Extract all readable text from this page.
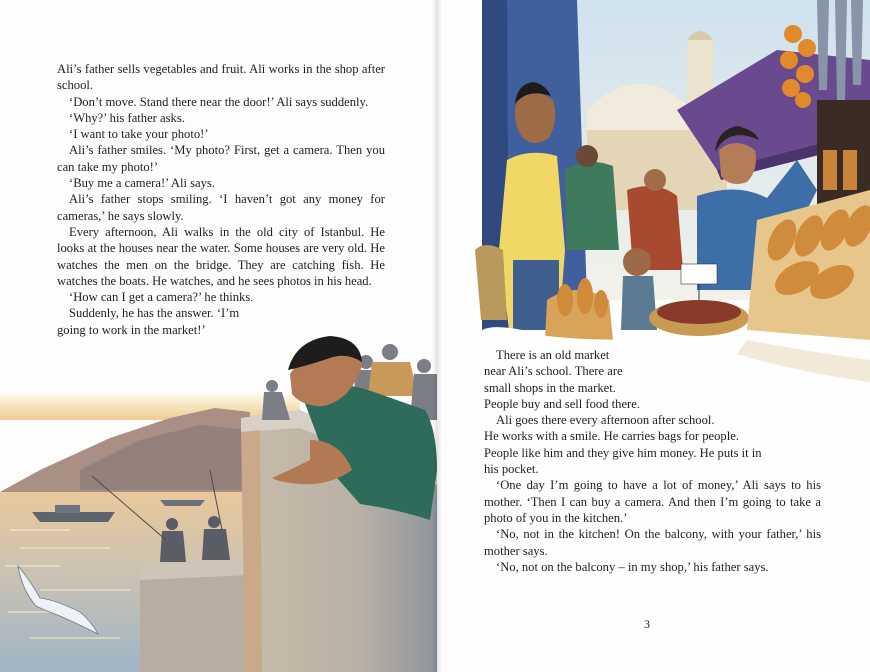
Ali’s father sells vegetables and fruit. Ali works in the shop after school.

‘Don’t move. Stand there near the door!’ Ali says suddenly.

‘Why?’ his father asks.

‘I want to take your photo!’

Ali’s father smiles. ‘My photo? First, get a camera. Then you can take my photo!’

‘Buy me a camera!’ Ali says.

Ali’s father stops smiling. ‘I haven’t got any money for cameras,’ he says slowly.

Every afternoon, Ali walks in the old city of Istanbul. He looks at the houses near the water. Some houses are very old. He watches the men on the bridge. They are catching fish. He watches the boats. He watches, and he sees photos in his head.

‘How can I get a camera?’ he thinks.

Suddenly, he has the answer. ‘I’m

going to work in the market!’

There is an old market

near Ali’s school. There are

small shops in the market.

People buy and sell food there.

Ali goes there every afternoon after school.

He works with a smile. He carries bags for people.

People like him and they give him money. He puts it in

his pocket.

‘One day I’m going to have a lot of money,’ Ali says to his mother. ‘Then I can buy a camera. And then I’m going to take a photo of you in the kitchen.’

‘No, not in the kitchen! On the balcony, with your father,’ his mother says.

‘No, not on the balcony – in my shop,’ his father says.

3
